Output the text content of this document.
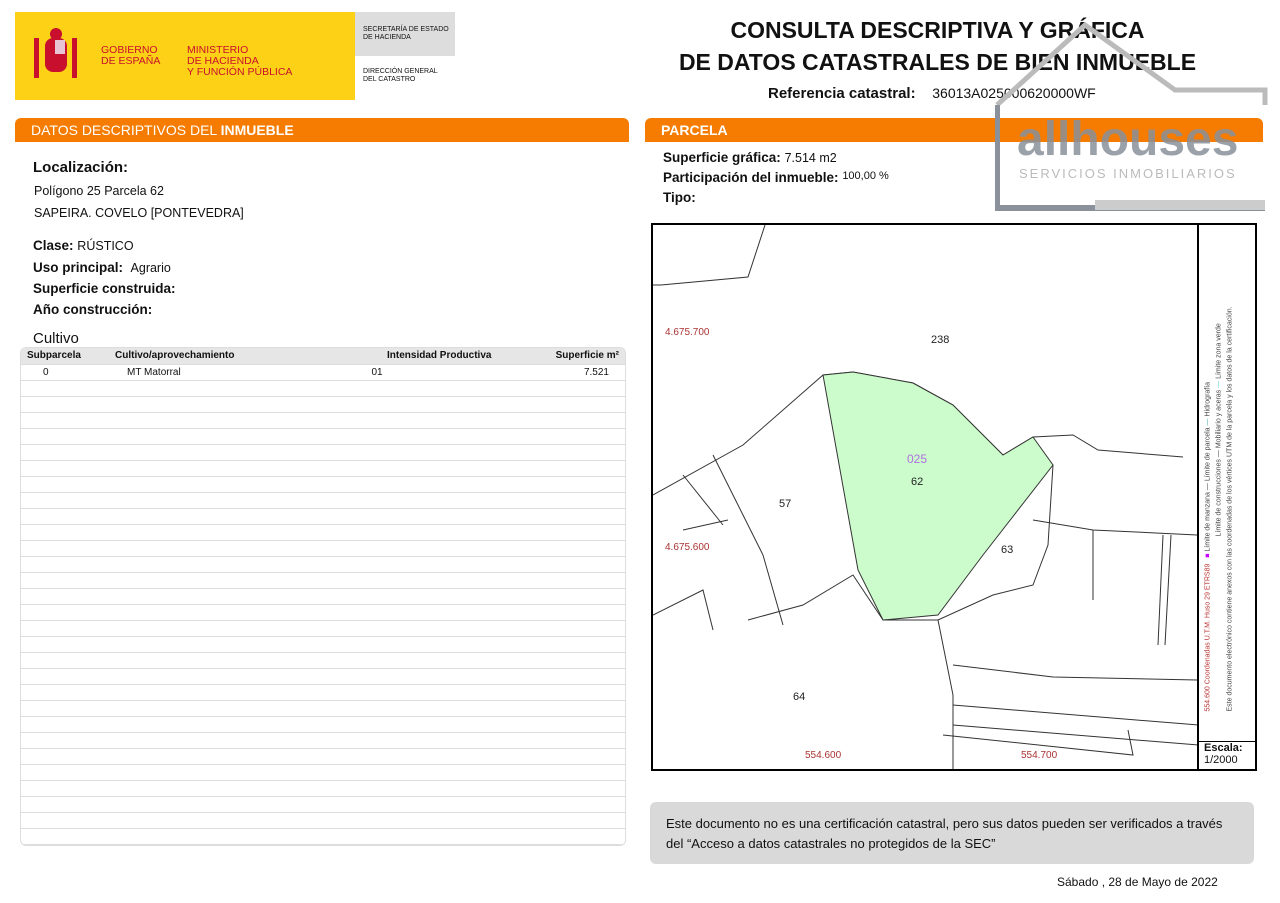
GOBIERNO
DE ESPAÑA
MINISTERIO
DE HACIENDA
Y FUNCIÓN PÚBLICA
SECRETARÍA DE ESTADO DE HACIENDA
DIRECCIÓN GENERAL DEL CATASTRO
CONSULTA DESCRIPTIVA Y GRÁFICA
DE DATOS CATASTRALES DE BIEN INMUEBLE
Referencia catastral: 36013A025000620000WF
DATOS DESCRIPTIVOS DEL INMUEBLE
Localización:
Polígono 25 Parcela 62
SAPEIRA. COVELO [PONTEVEDRA]
Clase: RÚSTICO
Uso principal: Agrario
Superficie construida:
Año construcción:
Cultivo
Subparcela	Cultivo/aprovechamiento	Intensidad Productiva	Superficie m²
0	MT Matorral	01	7.521

PARCELA
Superficie gráfica: 7.514 m2
Participación del inmueble: $^{100,00 \%}$
Tipo:
allhouses
SERVICIOS INMOBILIARIOS
238
025
62
57
63
64
4.675.700
4.675.600
554.600	554.700
554.600 Coordenadas U.T.M. Huso 29 ETRS89   ■ Límite de manzana — Límite de parcela — Hidrografía
Límite de construcciones — Mobiliario y aceras — Límite zona verde Este documento electrónico contiene anexos con las coordenadas de los vértices UTM de la parcela y los datos de la certificación.
Escala:
1/2000
Este documento no es una certificación catastral, pero sus datos pueden ser verificados a través del “Acceso a datos catastrales no protegidos de la SEC”
Sábado , 28 de Mayo de 2022
